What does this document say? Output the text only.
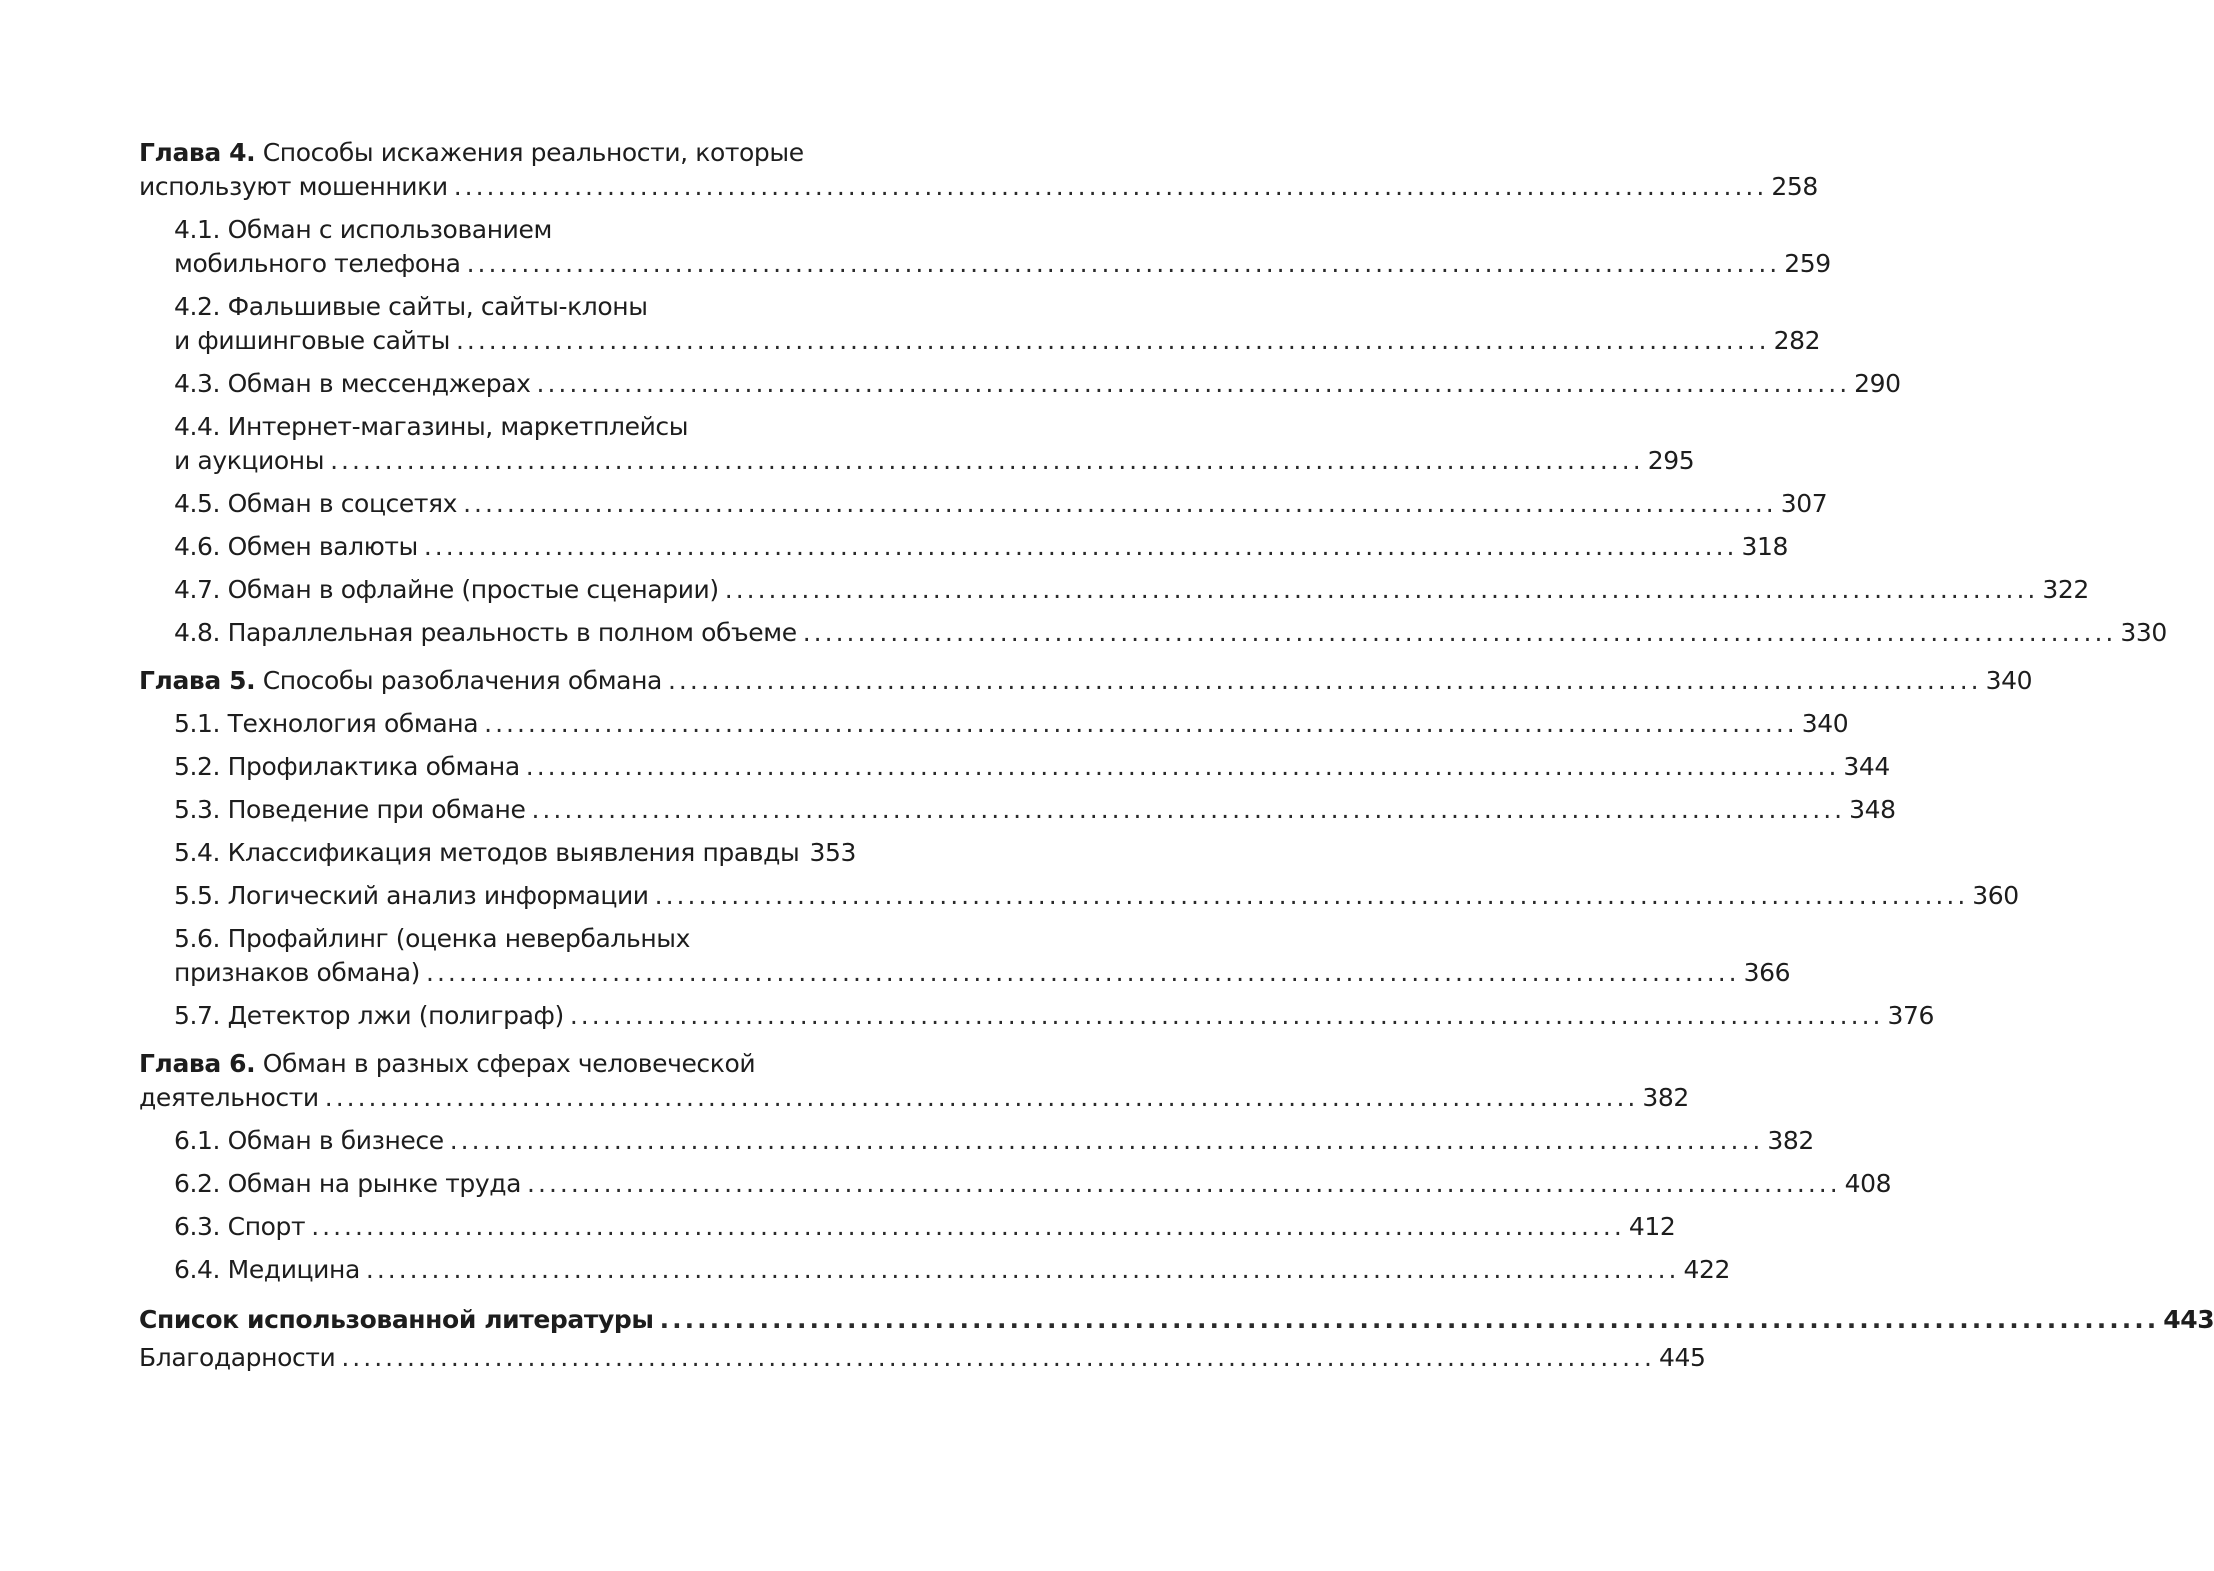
Глава 4. Способы искажения реальности, которые
используют мошенники ........................................................................................................................ 258
4.1. Обман с использованием
мобильного телефона ........................................................................................................................ 259
4.2. Фальшивые сайты, сайты-клоны
и фишинговые сайты ........................................................................................................................ 282
4.3. Обман в мессенджерах ........................................................................................................................ 290
4.4. Интернет-магазины, маркетплейсы
и аукционы ........................................................................................................................ 295
4.5. Обман в соцсетях ........................................................................................................................ 307
4.6. Обмен валюты ........................................................................................................................ 318
4.7. Обман в офлайне (простые сценарии) ........................................................................................................................ 322
4.8. Параллельная реальность в полном объеме ........................................................................................................................ 330
Глава 5. Способы разоблачения обмана ........................................................................................................................ 340
5.1. Технология обмана ........................................................................................................................ 340
5.2. Профилактика обмана ........................................................................................................................ 344
5.3. Поведение при обмане ........................................................................................................................ 348
5.4. Классификация методов выявления правды 353
5.5. Логический анализ информации ........................................................................................................................ 360
5.6. Профайлинг (оценка невербальных
признаков обмана) ........................................................................................................................ 366
5.7. Детектор лжи (полиграф) ........................................................................................................................ 376
Глава 6. Обман в разных сферах человеческой
деятельности ........................................................................................................................ 382
6.1. Обман в бизнесе ........................................................................................................................ 382
6.2. Обман на рынке труда ........................................................................................................................ 408
6.3. Спорт ........................................................................................................................ 412
6.4. Медицина ........................................................................................................................ 422
Список использованной литературы ........................................................................................................................ 443
Благодарности ........................................................................................................................ 445
